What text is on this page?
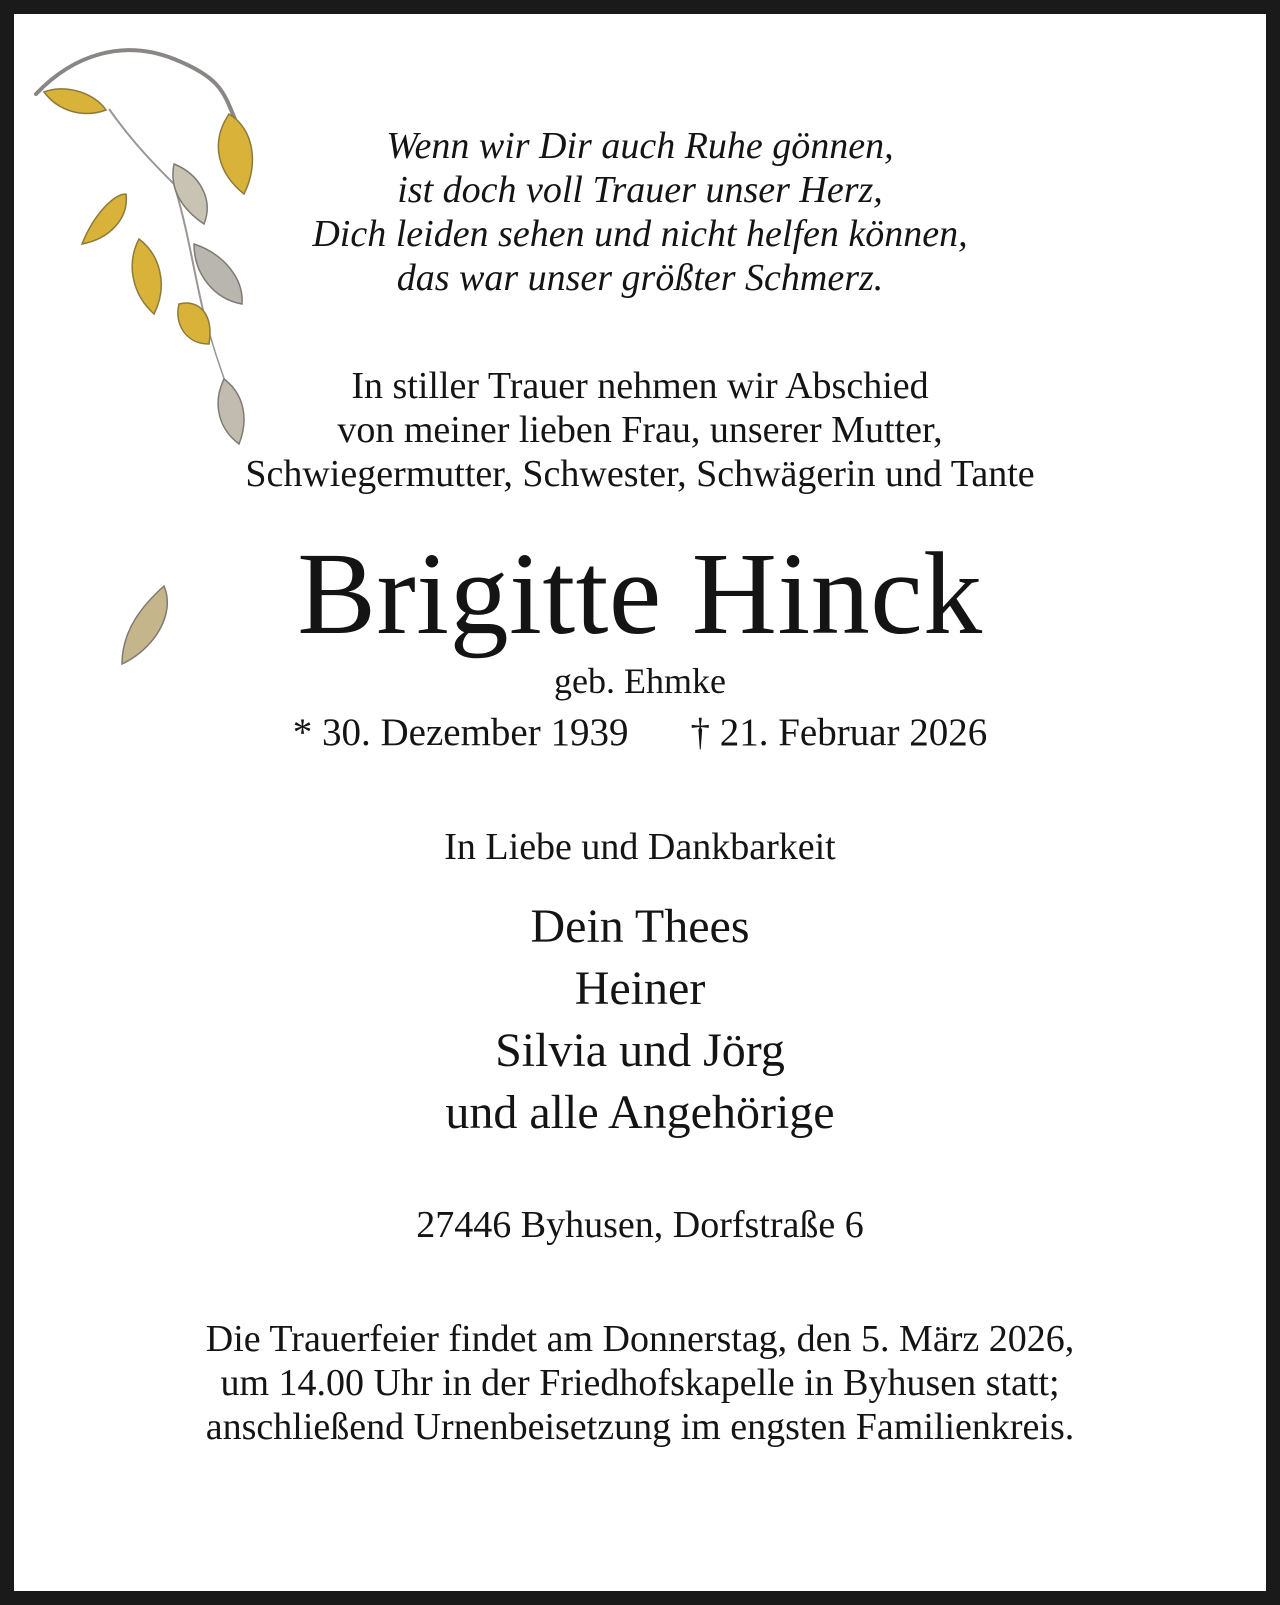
Wenn wir Dir auch Ruhe gönnen,
ist doch voll Trauer unser Herz,
Dich leiden sehen und nicht helfen können,
das war unser größter Schmerz.
In stiller Trauer nehmen wir Abschied
von meiner lieben Frau, unserer Mutter,
Schwiegermutter, Schwester, Schwägerin und Tante
Brigitte Hinck
geb. Ehmke
* 30. Dezember 1939 † 21. Februar 2026
In Liebe und Dankbarkeit
Dein Thees
Heiner
Silvia und Jörg
und alle Angehörige
27446 Byhusen, Dorfstraße 6
Die Trauerfeier findet am Donnerstag, den 5. März 2026,
um 14.00 Uhr in der Friedhofskapelle in Byhusen statt;
anschließend Urnenbeisetzung im engsten Familienkreis.
